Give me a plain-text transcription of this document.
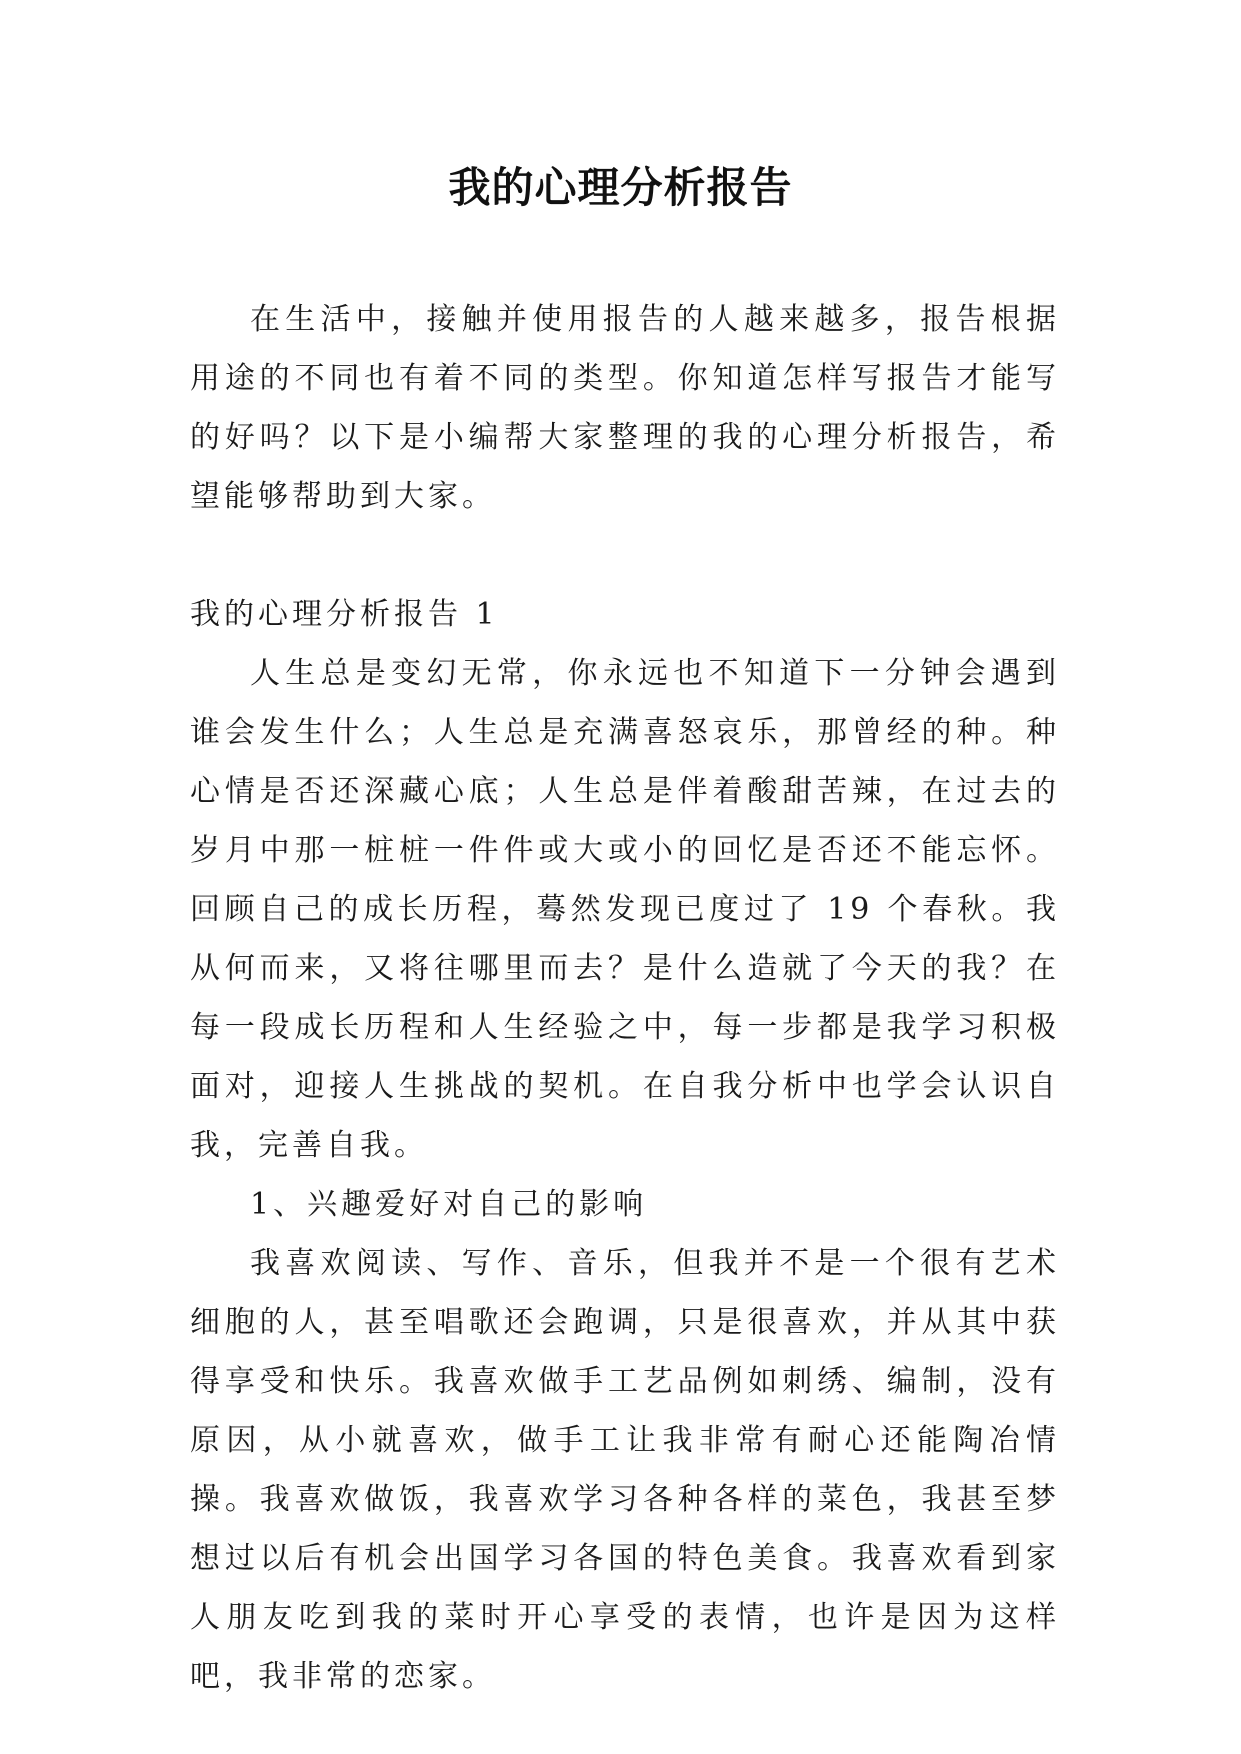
我的心理分析报告

在生活中，接触并使用报告的人越来越多，报告根据用途的不同也有着不同的类型。你知道怎样写报告才能写的好吗？以下是小编帮大家整理的我的心理分析报告，希望能够帮助到大家。

我的心理分析报告 1

人生总是变幻无常，你永远也不知道下一分钟会遇到谁会发生什么；人生总是充满喜怒哀乐，那曾经的种。种心情是否还深藏心底；人生总是伴着酸甜苦辣，在过去的岁月中那一桩桩一件件或大或小的回忆是否还不能忘怀。回顾自己的成长历程，蓦然发现已度过了 19 个春秋。我从何而来，又将往哪里而去？是什么造就了今天的我？在每一段成长历程和人生经验之中，每一步都是我学习积极面对，迎接人生挑战的契机。在自我分析中也学会认识自我，完善自我。

1、兴趣爱好对自己的影响

我喜欢阅读、写作、音乐，但我并不是一个很有艺术细胞的人，甚至唱歌还会跑调，只是很喜欢，并从其中获得享受和快乐。我喜欢做手工艺品例如刺绣、编制，没有原因，从小就喜欢，做手工让我非常有耐心还能陶冶情操。我喜欢做饭，我喜欢学习各种各样的菜色，我甚至梦想过以后有机会出国学习各国的特色美食。我喜欢看到家人朋友吃到我的菜时开心享受的表情，也许是因为这样吧，我非常的恋家。
